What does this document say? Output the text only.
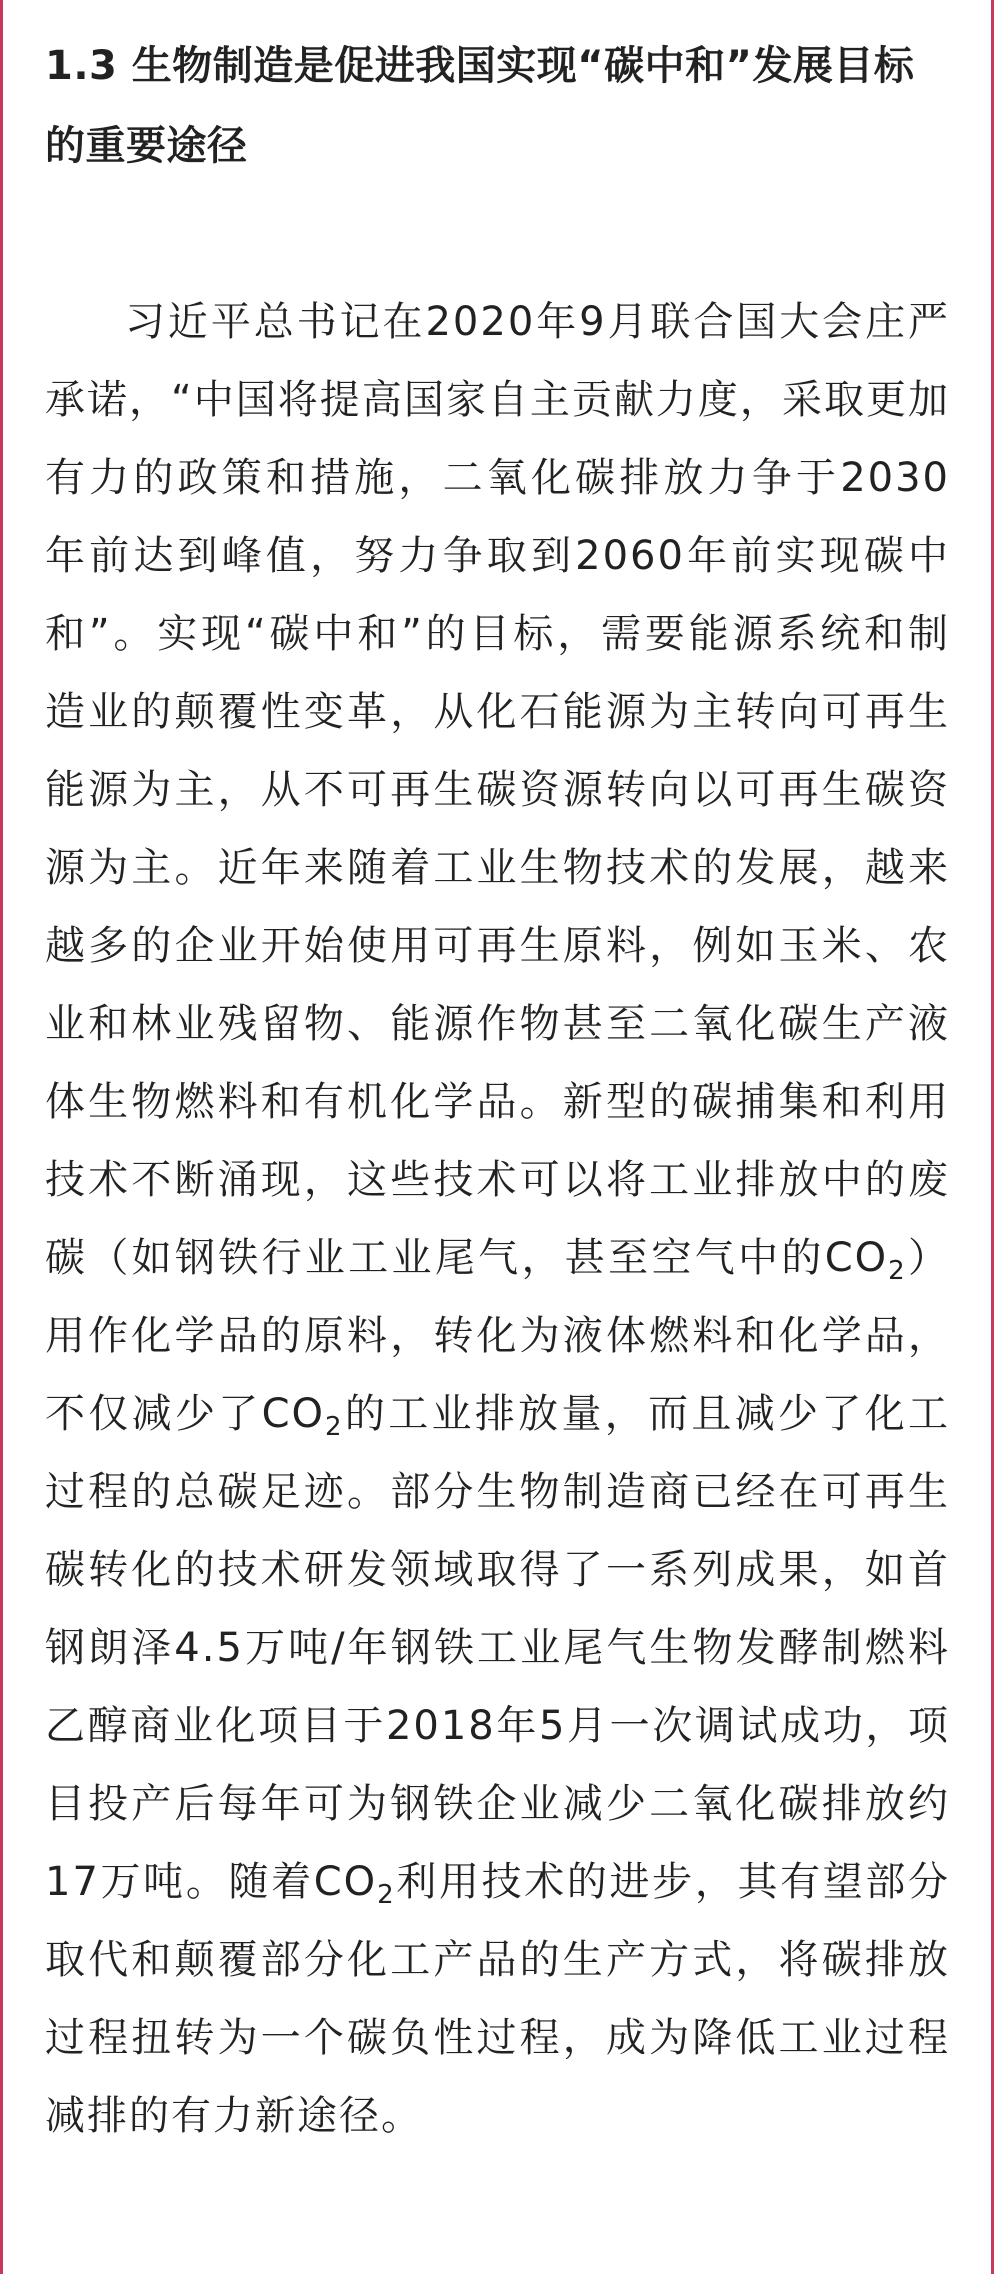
1.3 生物制造是促进我国实现“碳中和”发展目标的重要途径

习近平总书记在2020年9月联合国大会庄严承诺，“中国将提高国家自主贡献力度，采取更加有力的政策和措施，二氧化碳排放力争于2030年前达到峰值，努力争取到2060年前实现碳中和”。实现“碳中和”的目标，需要能源系统和制造业的颠覆性变革，从化石能源为主转向可再生能源为主，从不可再生碳资源转向以可再生碳资源为主。近年来随着工业生物技术的发展，越来越多的企业开始使用可再生原料，例如玉米、农业和林业残留物、能源作物甚至二氧化碳生产液体生物燃料和有机化学品。新型的碳捕集和利用技术不断涌现，这些技术可以将工业排放中的废碳（如钢铁行业工业尾气，甚至空气中的$CO_2$）用作化学品的原料，转化为液体燃料和化学品，不仅减少了$CO_2$的工业排放量，而且减少了化工过程的总碳足迹。部分生物制造商已经在可再生碳转化的技术研发领域取得了一系列成果，如首钢朗泽4.5万吨/年钢铁工业尾气生物发酵制燃料乙醇商业化项目于2018年5月一次调试成功，项目投产后每年可为钢铁企业减少二氧化碳排放约17万吨。随着$CO_2$利用技术的进步，其有望部分取代和颠覆部分化工产品的生产方式，将碳排放过程扭转为一个碳负性过程，成为降低工业过程减排的有力新途径。
